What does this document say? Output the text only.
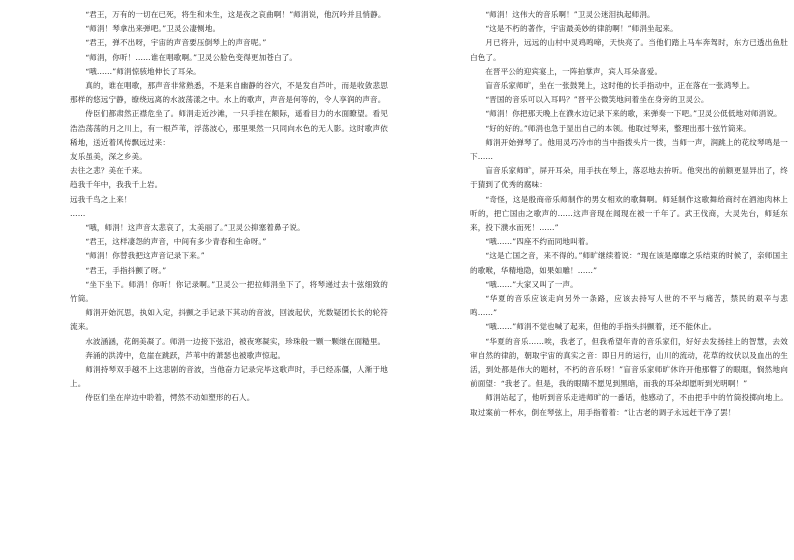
“君王，万有的一切在已死，将生和未生，这是夜之哀曲啊！”师涓说，他沉吟并且悄静。

“师涓！琴拿出来弹吧。”卫灵公凄恻地。

“君王，弹不出呀，宇宙的声音要压倒琴上的声音呢。”

“师涓，你听！……谁在唱歌啊。”卫灵公脸色变得更加苍白了。

“哦……”师涓惊骇地伸长了耳朵。

真的，谁在唱歌，那声音非常熟悉，不是来自幽静的谷穴，不是发自芦叶，而是收敛悲思那样的悠远宁静，缭绕远离的水波荡漾之中。水上的歌声，声音是何等的，令人享润的声音。

侍臣们都肃然正襟危坐了。师涓走近沙滩，一只手挂在额际，遥看目力的水面瞭望。看见浩浩荡荡的月之川上，有一根芦苇，浮荡波心，那里果然一只同向水色的无人影。这时歌声依稀地，送近着风传飘远过来：

友乐虽美，深之乡美。

去往之悲？美在千来。

趋我千年中，我我千上岩。

远我千鸟之上来！

……

“哦，师涓！这声音太悲哀了，太美丽了。”卫灵公抑塞着鼻子说。

“君王，这样凄怨的声音，中间有多少青春和生命呀。”

“师涓！你替我把这声音记录下来。”

“君王，手指抖颤了呀。”

“坐下坐下。师涓！你听！你记录啊。”卫灵公一把拉师涓坐下了，将琴递过去十弦细致的竹筒。

师涓开始沉思，执如入定，抖颤之手记录下其动的音波，回波起伏，光数疑团长长的轮符流来。

水波涵涵，花朗美凝了。师涓一边接下弦沿，被夜寒凝实，珍珠般一颗一颗继在面糙里。

奔涌的洪涛中，危崖在跳跃，芦苇中的萧瑟也被歌声惊起。

师涓持琴双手越不上这悲剧的音波，当他奋力记录完毕这歌声时，手已经冻僵，人渐于地上。

侍臣们坐在岸边中聆着，愕然不动如塑形的石人。

“师涓！这伟大的音乐啊！”卫灵公迷泪执起师涓。

“这是不朽的著作，宇宙最美妙的律韵啊！”师涓坐起来。

月已将升，远远的山村中灵鸡鸣啼，天快亮了。当他们踏上马车奔驾时，东方已透出鱼肚白色了。

在晋平公的迎宾宴上，一阵拍掌声，宾人耳朵喜爱。

盲音乐家师旷，坐在一张鼓凳上，这时他的长手指动中，正在落在一张鸿琴上。

“晋国的音乐可以入耳吗？”晋平公微笑地问着坐在身旁的卫灵公。

“师涓！你把那天晚上在濮水边记录下来的歌，来弹奏一下吧。”卫灵公低低地对师涓说。

“好的好的。”师涓也急于显出自己的本领。他取过琴来，整理出那十弦竹筒来。

师涓开始弹琴了。他用灵巧冷市的当中指拨头片一拨，当师一声，润跳上的花纹琴鸣是一下……

盲音乐家师旷，屏开耳朵，用手扶在琴上，落忍地去拚听。他突出的前额更显异出了，终于猜到了优秀的腐味：

“奇怪，这是殷商帝乐师制作的男女相欢的歌舞啊。师延制作这歌舞给商纣在酒池肉林上听的，把亡国由之歌声的……这声音现在闻现在被一千年了。武王伐商，大灵先台，师延东来，投下濮水而死！……”

“哦……”四座不约而同地叫着。

“这是亡国之音，来不得的。”师旷继续着说：“现在该是靡靡之乐结束的时候了，亲师国主的歌喉，华精地隐，如果如雕！……”

“哦……”大家又叫了一声。

“华夏的音乐应该走向另外一条路，应该去持写人世的不平与痛苦，禁民的艰辛与悲鸣……”

“哦……”师涓不觉也喊了起来，但他的手指头抖颤着，还不能休止。

“华夏的音乐……唉，我老了，但我希望年青的音乐家们，好好去发扬挂上的智慧，去效审自然的律韵，朝取宇宙的真实之音：即日月的运行，山川的流动，花草的纹伏以及血出的生活，到处都是伟大的题材，不朽的音乐呀！”盲音乐家师旷休许开他那瞽了的眼眶，悯然地向前面望：“我老了。但是，我的眼睛不愿见到黑暗，而我的耳朵却愿听到光明啊！”

师涓站起了，他听到音乐走进师旷的一番话，他感动了，不由把手中的竹筒投掷向地上。取过案前一杯水，倒在琴弦上，用手指着着：“让古老的调子永远赶干净了罢！
